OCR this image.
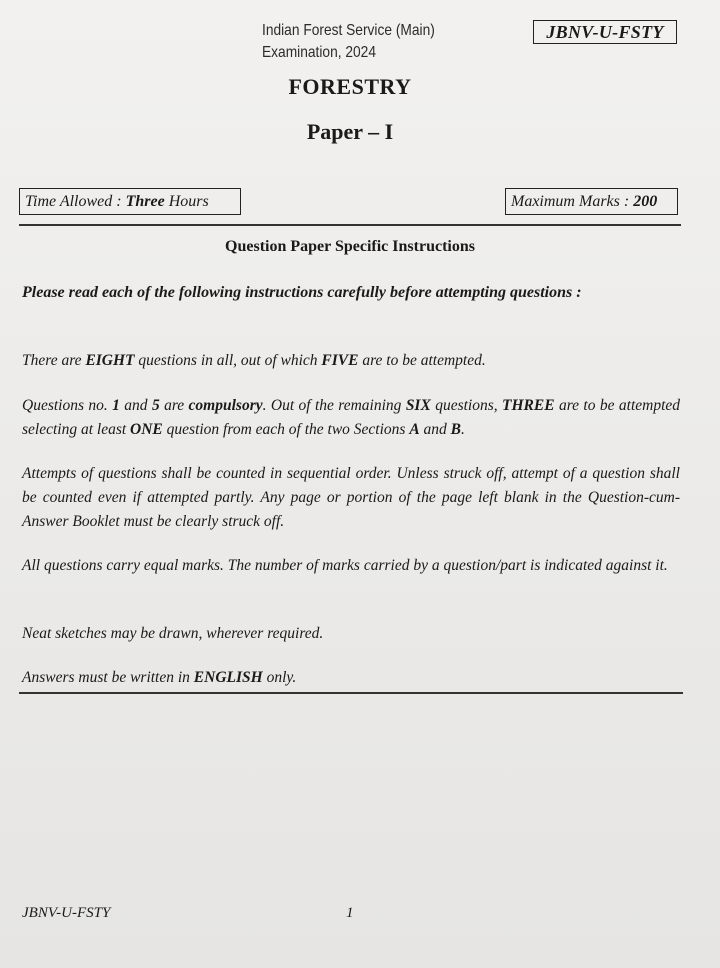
Indian Forest Service (Main)
Examination, 2024
JBNV-U-FSTY
FORESTRY
Paper – I
Time Allowed : Three Hours	Maximum Marks : 200
Question Paper Specific Instructions
Please read each of the following instructions carefully before attempting questions :
There are EIGHT questions in all, out of which FIVE are to be attempted.
Questions no. 1 and 5 are compulsory. Out of the remaining SIX questions, THREE are to be attempted selecting at least ONE question from each of the two Sections A and B.
Attempts of questions shall be counted in sequential order. Unless struck off, attempt of a question shall be counted even if attempted partly. Any page or portion of the page left blank in the Question-cum-Answer Booklet must be clearly struck off.
All questions carry equal marks. The number of marks carried by a question/part is indicated against it.
Neat sketches may be drawn, wherever required.
Answers must be written in ENGLISH only.
JBNV-U-FSTY	1
